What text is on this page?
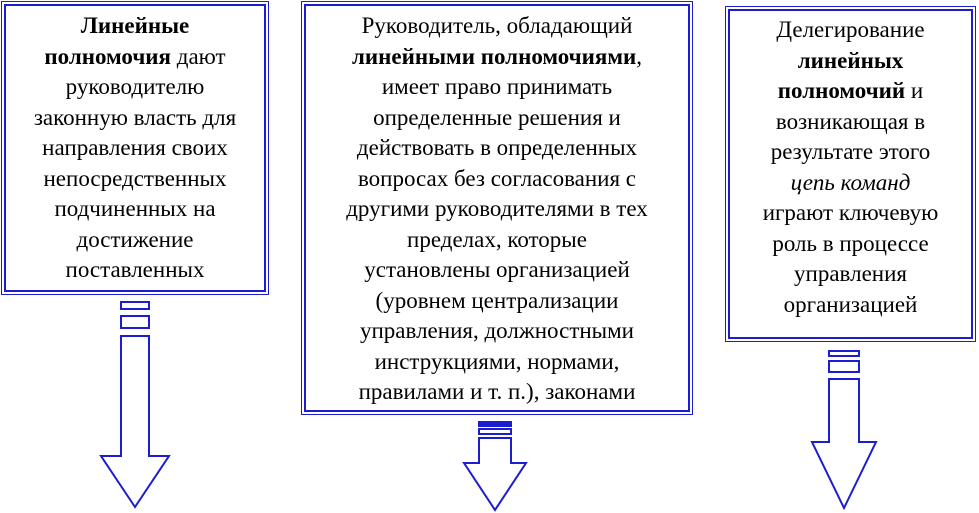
Линейные
полномочия дают
руководителю
законную власть для
направления своих
непосредственных
подчиненных на
достижение
поставленных
Руководитель, обладающий
линейными полномочиями,
имеет право принимать
определенные решения и
действовать в определенных
вопросах без согласования с
другими руководителями в тех
пределах, которые
установлены организацией
(уровнем централизации
управления, должностными
инструкциями, нормами,
правилами и т. п.), законами
Делегирование
линейных
полномочий и
возникающая в
результате этого
цепь команд
играют ключевую
роль в процессе
управления
организацией
